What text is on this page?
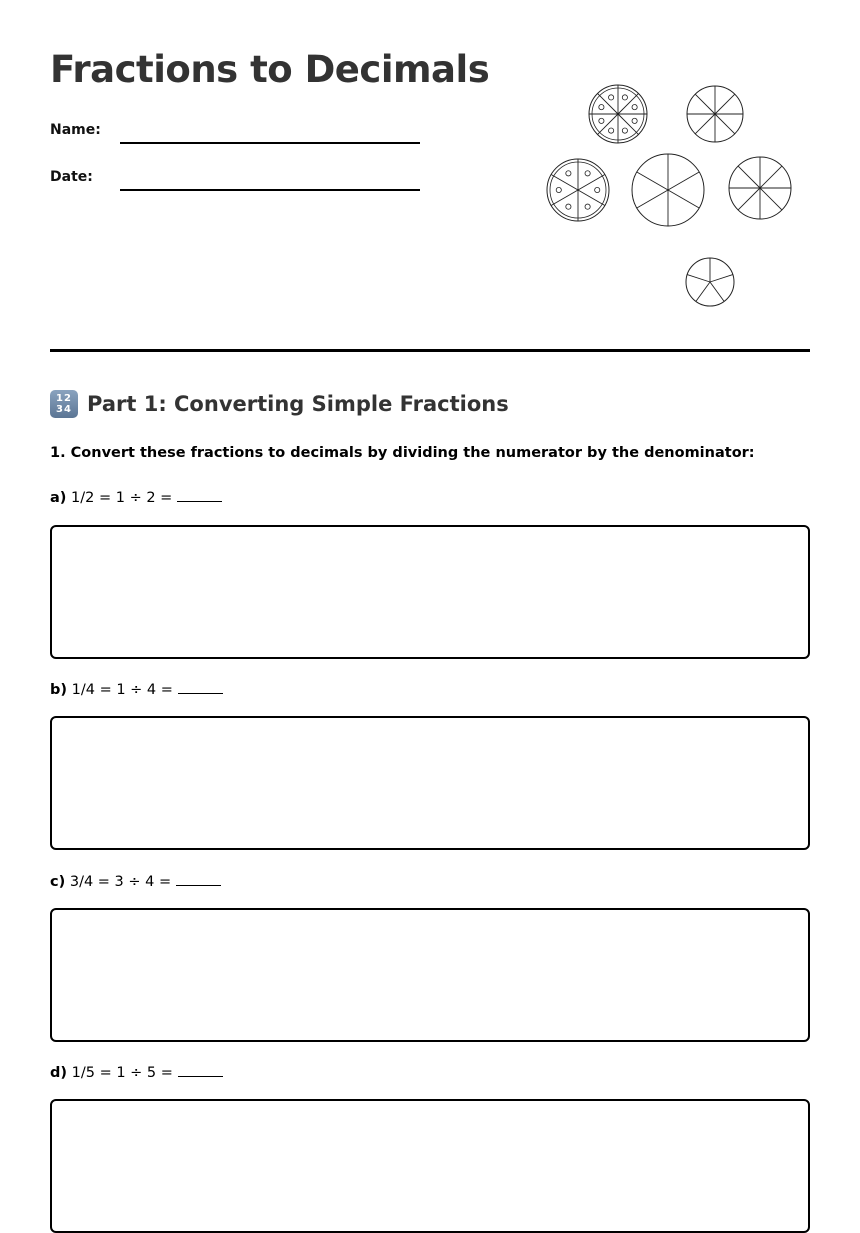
Fractions to Decimals
Name:
Date:
12
34 Part 1: Converting Simple Fractions
1. Convert these fractions to decimals by dividing the numerator by the denominator:
a) 1/2 = 1 ÷ 2 =
b) 1/4 = 1 ÷ 4 =
c) 3/4 = 3 ÷ 4 =
d) 1/5 = 1 ÷ 5 =
